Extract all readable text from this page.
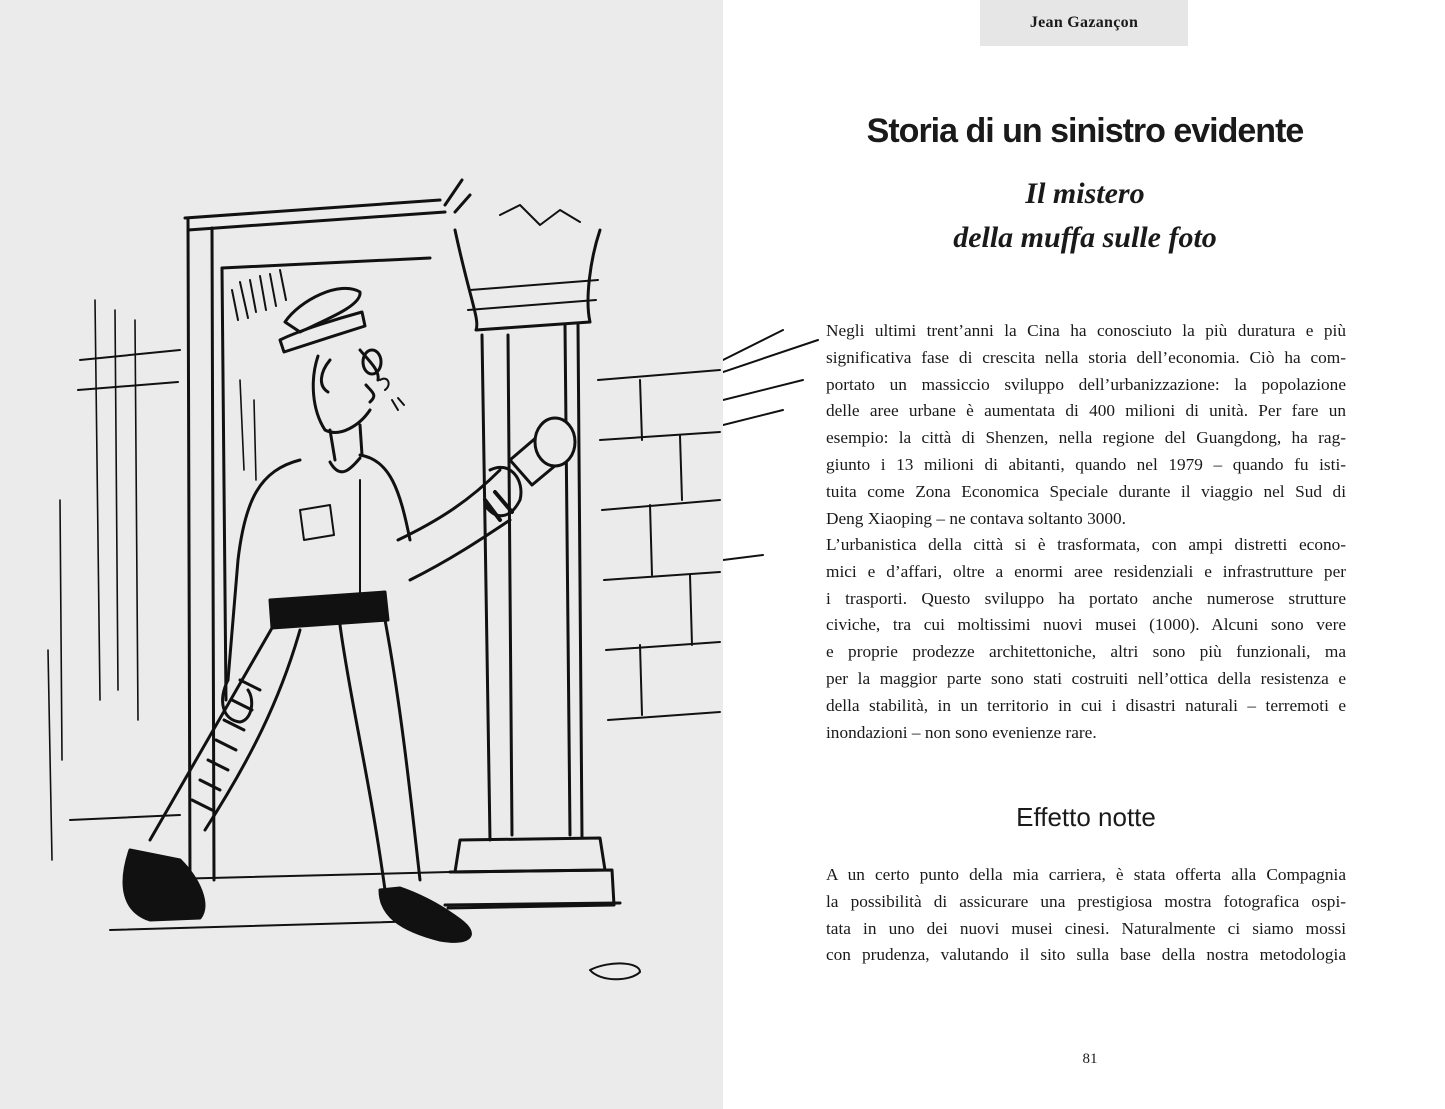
Jean Gazançon
Storia di un sinistro evidente
Il mistero
della muffa sulle foto

Negli ultimi trent’anni la Cina ha conosciuto la più duratura e più
significativa fase di crescita nella storia dell’economia. Ciò ha com-
portato un massiccio sviluppo dell’urbanizzazione: la popolazione
delle aree urbane è aumentata di 400 milioni di unità. Per fare un
esempio: la città di Shenzen, nella regione del Guangdong, ha rag-
giunto i 13 milioni di abitanti, quando nel 1979 – quando fu isti-
tuita come Zona Economica Speciale durante il viaggio nel Sud di
Deng Xiaoping – ne contava soltanto 3000.

L’urbanistica della città si è trasformata, con ampi distretti econo-
mici e d’affari, oltre a enormi aree residenziali e infrastrutture per
i trasporti. Questo sviluppo ha portato anche numerose strutture
civiche, tra cui moltissimi nuovi musei (1000). Alcuni sono vere
e proprie prodezze architettoniche, altri sono più funzionali, ma
per la maggior parte sono stati costruiti nell’ottica della resistenza e
della stabilità, in un territorio in cui i disastri naturali – terremoti e
inondazioni – non sono evenienze rare.

Effetto notte

A un certo punto della mia carriera, è stata offerta alla Compagnia
la possibilità di assicurare una prestigiosa mostra fotografica ospi-
tata in uno dei nuovi musei cinesi. Naturalmente ci siamo mossi
con prudenza, valutando il sito sulla base della nostra metodologia

81
